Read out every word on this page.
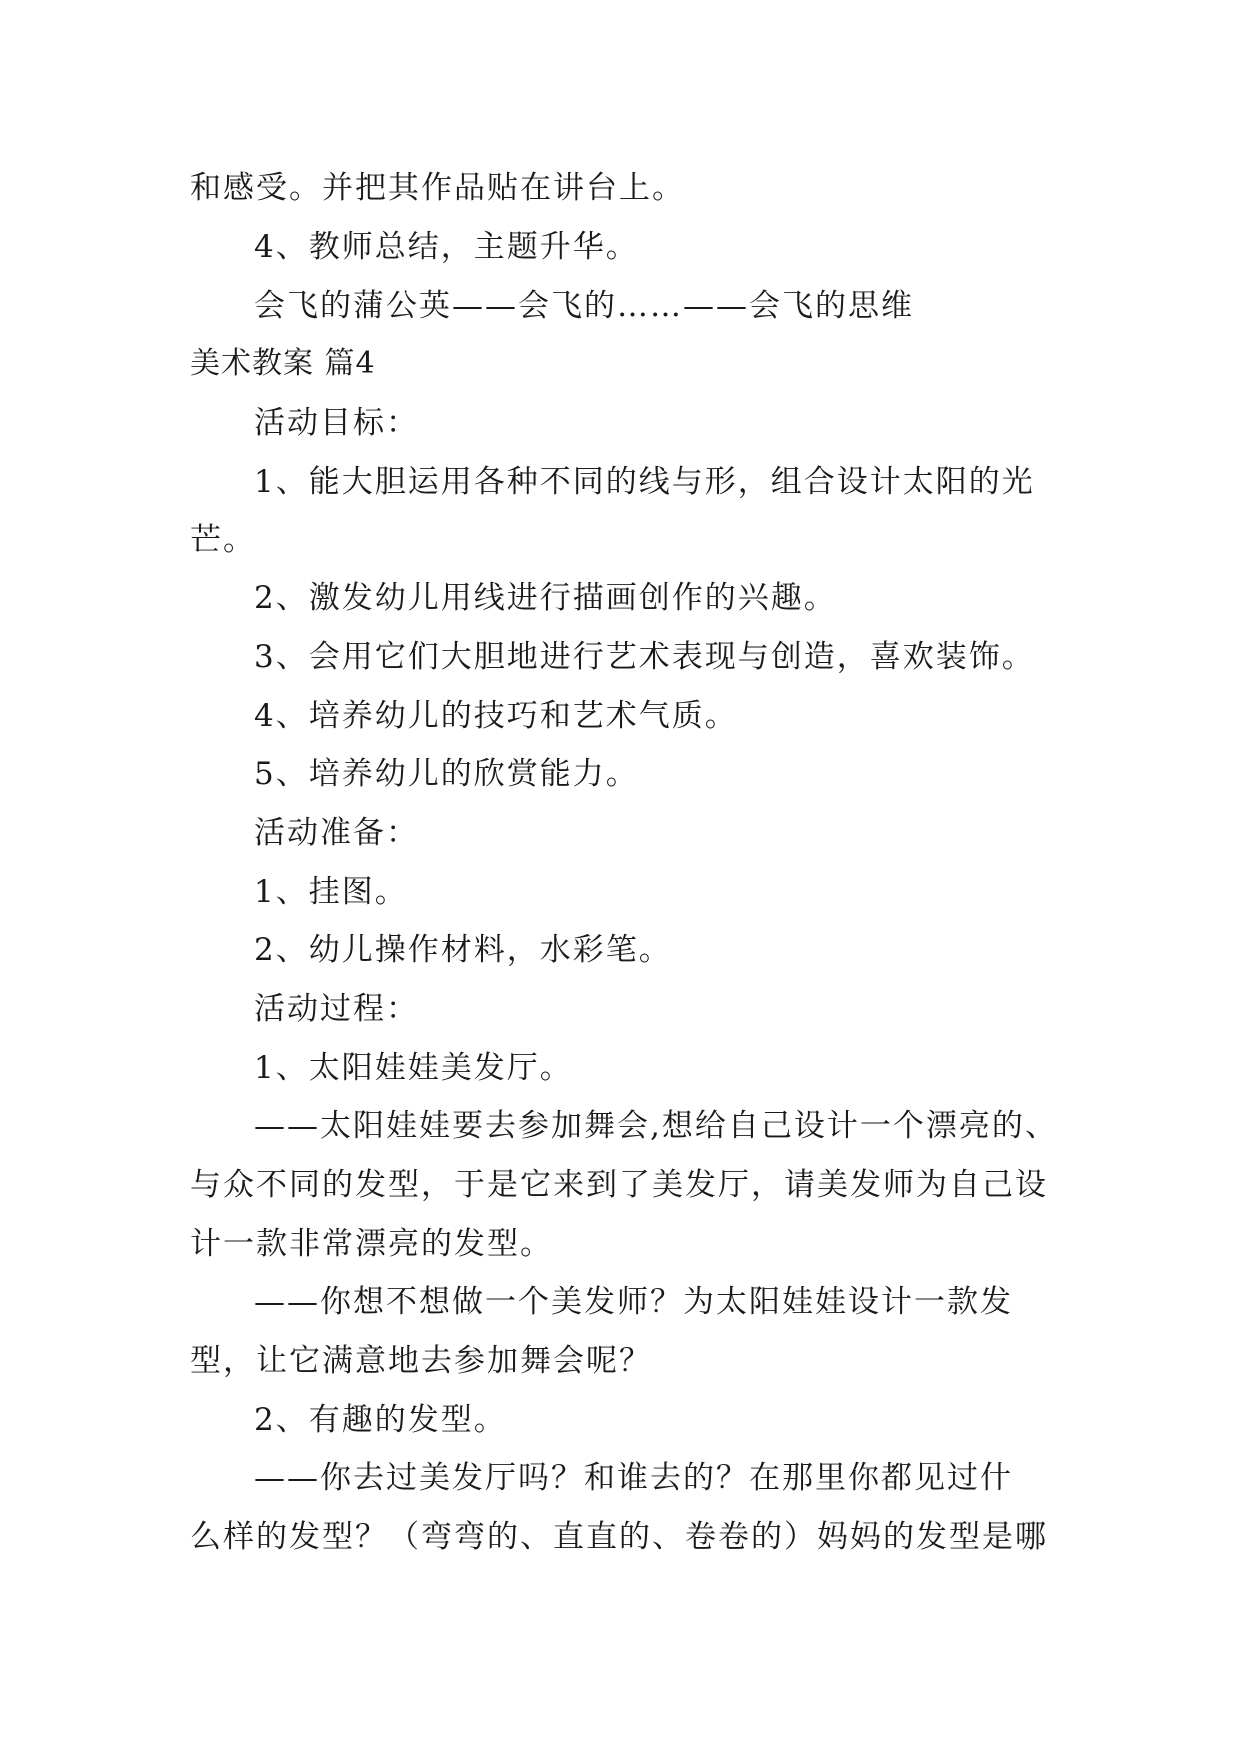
和感受。并把其作品贴在讲台上。
4、教师总结，主题升华。
会飞的蒲公英——会飞的……——会飞的思维
美术教案 篇4
活动目标：
1、能大胆运用各种不同的线与形，组合设计太阳的光
芒。
2、激发幼儿用线进行描画创作的兴趣。
3、会用它们大胆地进行艺术表现与创造，喜欢装饰。
4、培养幼儿的技巧和艺术气质。
5、培养幼儿的欣赏能力。
活动准备：
1、挂图。
2、幼儿操作材料，水彩笔。
活动过程：
1、太阳娃娃美发厅。
——太阳娃娃要去参加舞会,想给自己设计一个漂亮的、
与众不同的发型，于是它来到了美发厅，请美发师为自己设
计一款非常漂亮的发型。
——你想不想做一个美发师？为太阳娃娃设计一款发
型，让它满意地去参加舞会呢？
2、有趣的发型。
——你去过美发厅吗？和谁去的？在那里你都见过什
么样的发型？（弯弯的、直直的、卷卷的）妈妈的发型是哪
